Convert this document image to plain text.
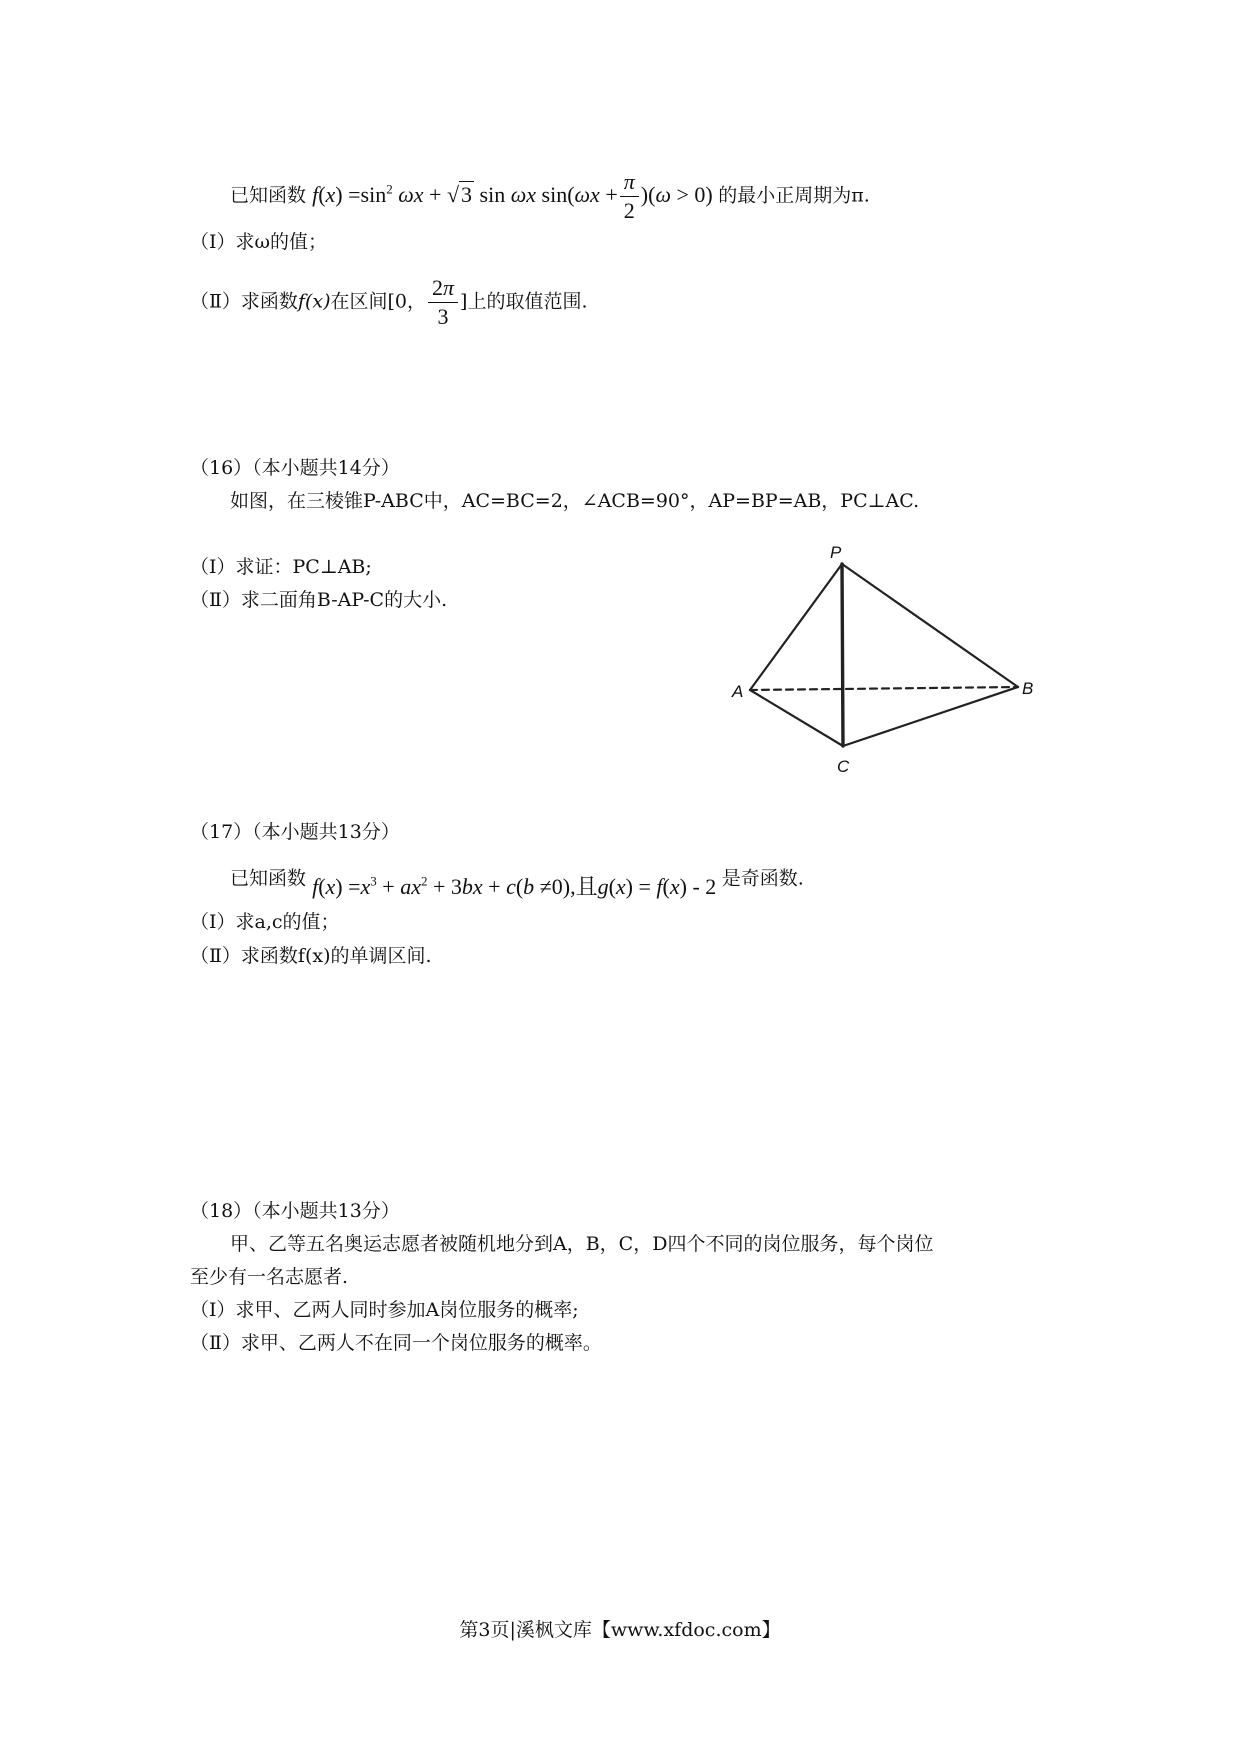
已知函数 $f(x) =\sin^2$ ωx + √3 sin ωx $\sin(\omega x + \frac{\pi}{2} )(\omega > 0)$ 的最小正周期为π.
（Ⅰ）求ω的值；
（Ⅱ）求函数f(x)在区间[0， $\frac{2\pi}{3}$ ]上的取值范围.
（16）（本小题共14分）
如图，在三棱锥P-ABC中，AC=BC=2，∠ACB=90°，AP=BP=AB，PC⊥AC.
（Ⅰ）求证：PC⊥AB;
（Ⅱ）求二面角B-AP-C的大小.
P
A	B
C
（17）（本小题共13分）
已知函数 $f(x) =x^3 + ax^2 + 3bx + c(b \ne 0)$,且g(x) = f(x) - 2 是奇函数.
（Ⅰ）求a,c的值；
（Ⅱ）求函数f(x)的单调区间.
（18）（本小题共13分）
甲、乙等五名奥运志愿者被随机地分到A，B，C，D四个不同的岗位服务，每个岗位
至少有一名志愿者.
（Ⅰ）求甲、乙两人同时参加A岗位服务的概率;
（Ⅱ）求甲、乙两人不在同一个岗位服务的概率。
第3页|溪枫文库【www.xfdoc.com】
